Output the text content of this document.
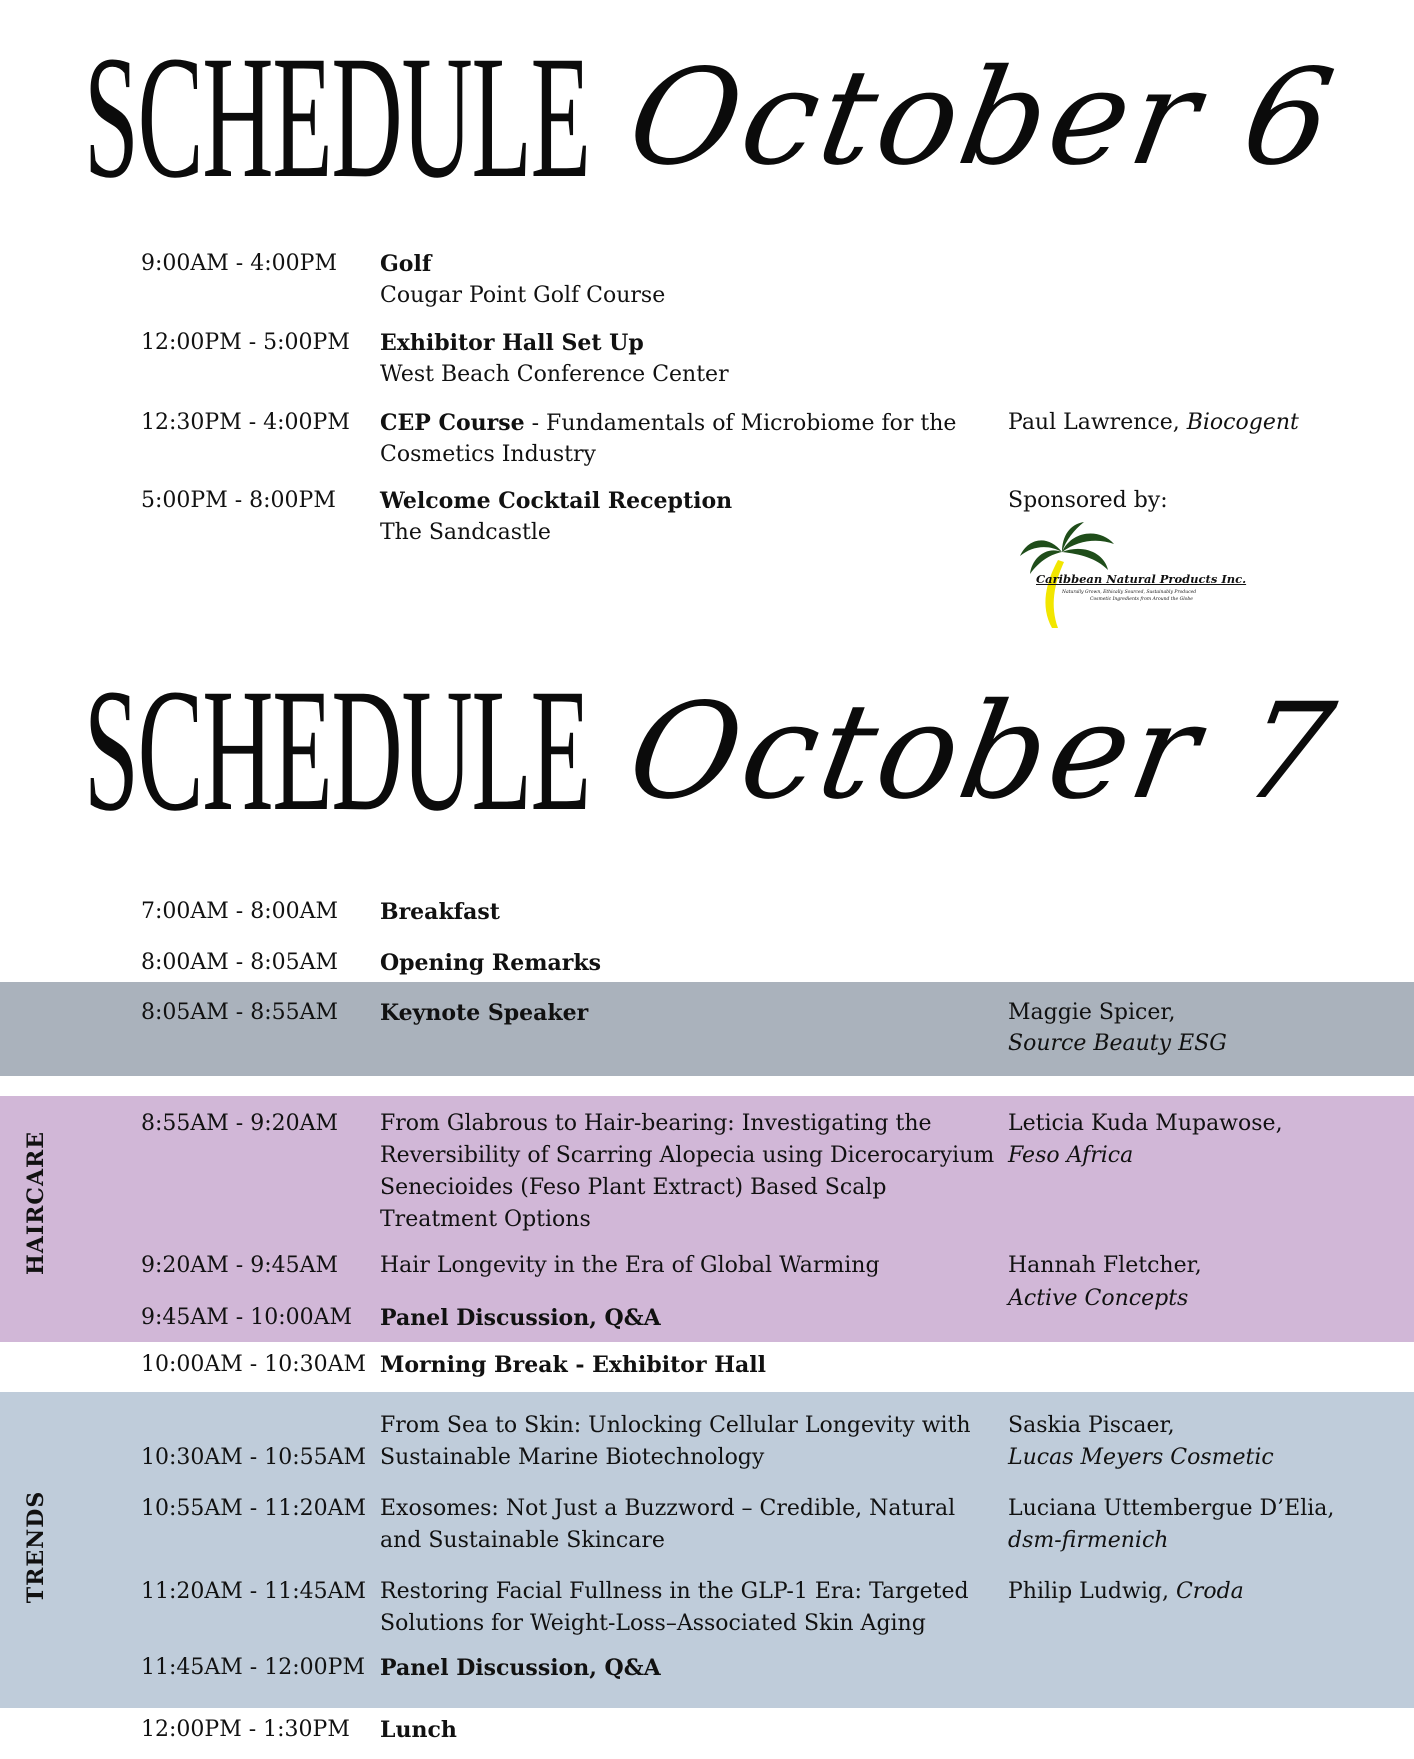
SCHEDULE October 6
9:00AM - 4:00PM Golf
Cougar Point Golf Course
12:00PM - 5:00PM Exhibitor Hall Set Up
West Beach Conference Center
12:30PM - 4:00PM CEP Course - Fundamentals of Microbiome for the
Cosmetics Industry
Paul Lawrence, Biocogent
5:00PM - 8:00PM Welcome Cocktail Reception
The Sandcastle
Sponsored by:
Caribbean Natural Products Inc.
Naturally Grown, Ethically Sourced, Sustainably Produced
Cosmetic Ingredients from Around the Globe
SCHEDULE October 7
HAIRCARE
TRENDS
7:00AM - 8:00AM Breakfast
8:00AM - 8:05AM Opening Remarks
8:05AM - 8:55AM Keynote Speaker	Maggie Spicer,
Source Beauty ESG
8:55AM - 9:20AM From Glabrous to Hair-bearing: Investigating the
Reversibility of Scarring Alopecia using Dicerocaryium
Senecioides (Feso Plant Extract) Based Scalp
Treatment Options
Leticia Kuda Mupawose,
Feso Africa
9:20AM - 9:45AM Hair Longevity in the Era of Global Warming	Hannah Fletcher,
Active Concepts
9:45AM - 10:00AM Panel Discussion, Q&A
10:00AM - 10:30AM Morning Break - Exhibitor Hall
From Sea to Skin: Unlocking Cellular Longevity with
Sustainable Marine Biotechnology
10:30AM - 10:55AM
Saskia Piscaer,
Lucas Meyers Cosmetic
10:55AM - 11:20AM Exosomes: Not Just a Buzzword – Credible, Natural
and Sustainable Skincare
Luciana Uttembergue D’Elia,
dsm-firmenich
11:20AM - 11:45AM Restoring Facial Fullness in the GLP-1 Era: Targeted
Solutions for Weight-Loss–Associated Skin Aging
Philip Ludwig, Croda
11:45AM - 12:00PM Panel Discussion, Q&A
12:00PM - 1:30PM Lunch
